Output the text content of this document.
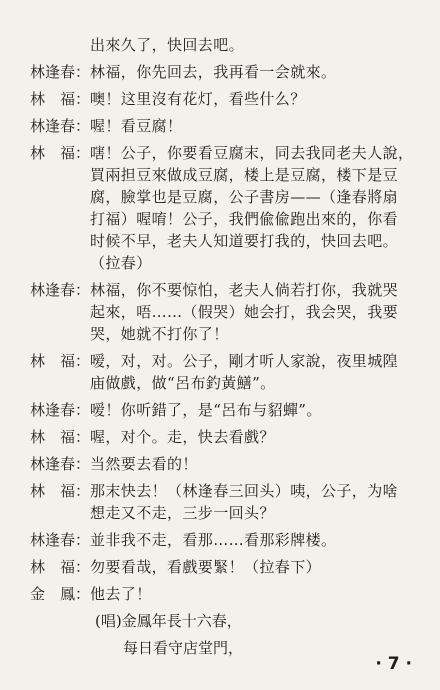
出來久了，快回去吧。
林逢春： 林福，你先回去，我再看一会就來。
林　福： 噢！这里沒有花灯，看些什么？
林逢春： 喔！看豆腐！
林　福： 嗐！公子，你要看豆腐末，同去我同老夫人說，
買兩担豆來做成豆腐，楼上是豆腐，楼下是豆
腐，臉掌也是豆腐，公子書房——（逢春將扇
打福）喔唷！公子，我們偸偸跑出來的，你看
时候不早，老夫人知道要打我的，快回去吧。
（拉春）
林逢春： 林福，你不要惊怕，老夫人倘若打你，我就哭
起來，唔……（假哭）她会打，我会哭，我要
哭，她就不打你了！
林　福： 嗳，对，对。公子，剛才听人家說，夜里城隍
庙做戲，做“呂布釣黃鱔”。
林逢春： 嗳！你听錯了，是“呂布与貂蟬”。
林　福： 喔，对个。走，快去看戲？
林逢春： 当然要去看的！
林　福： 那末快去！（林逢春三回头）咦，公子，为啥
想走又不走，三步一回头？
林逢春： 並非我不走，看那……看那彩牌楼。
林　福： 勿要看哉，看戲要緊！（拉春下）
金　鳳： 他去了！
(唱)金鳳年長十六春，
每日看守店堂門，
· 7 ·
